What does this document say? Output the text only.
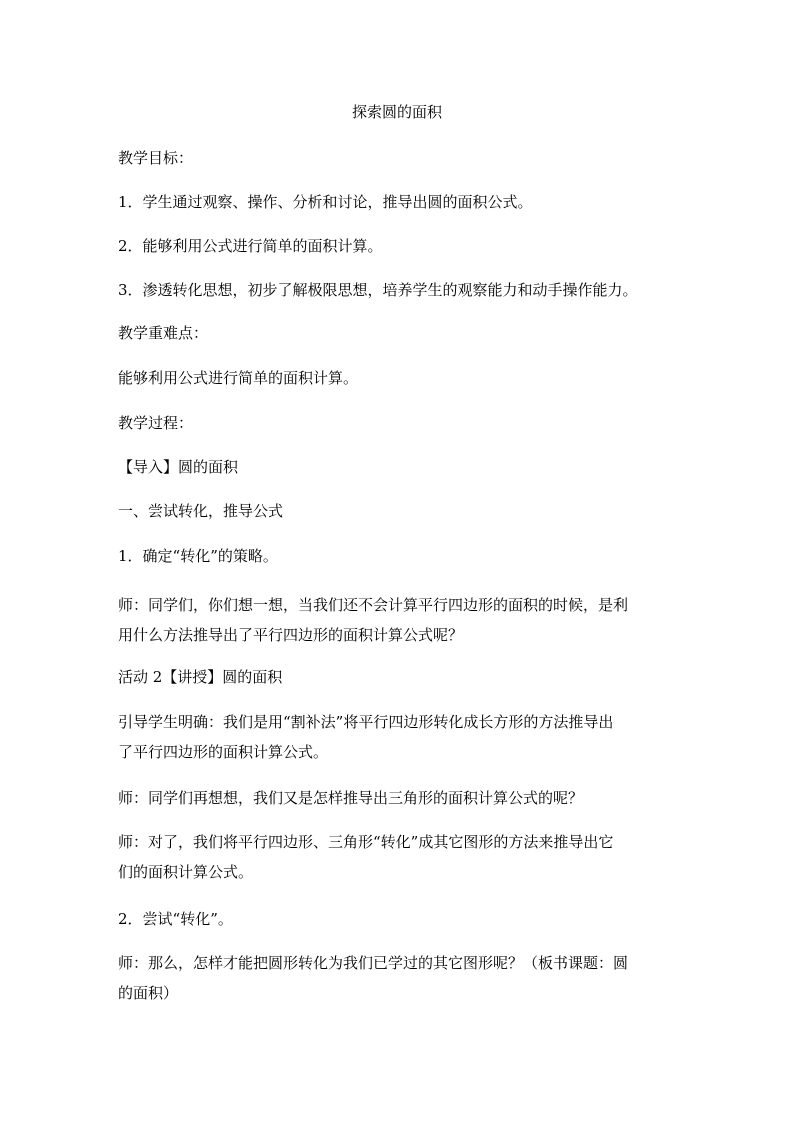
探索圆的面积
教学目标：
1．学生通过观察、操作、分析和讨论，推导出圆的面积公式。
2．能够利用公式进行简单的面积计算。
3．渗透转化思想，初步了解极限思想，培养学生的观察能力和动手操作能力。
教学重难点：
能够利用公式进行简单的面积计算。
教学过程：
【导入】圆的面积
一、尝试转化，推导公式
1．确定“转化”的策略。
师：同学们，你们想一想，当我们还不会计算平行四边形的面积的时候，是利
用什么方法推导出了平行四边形的面积计算公式呢？
活动 2【讲授】圆的面积
引导学生明确：我们是用“割补法”将平行四边形转化成长方形的方法推导出
了平行四边形的面积计算公式。
师：同学们再想想，我们又是怎样推导出三角形的面积计算公式的呢？
师：对了，我们将平行四边形、三角形“转化”成其它图形的方法来推导出它
们的面积计算公式。
2．尝试“转化”。
师：那么，怎样才能把圆形转化为我们已学过的其它图形呢？（板书课题：圆
的面积）
